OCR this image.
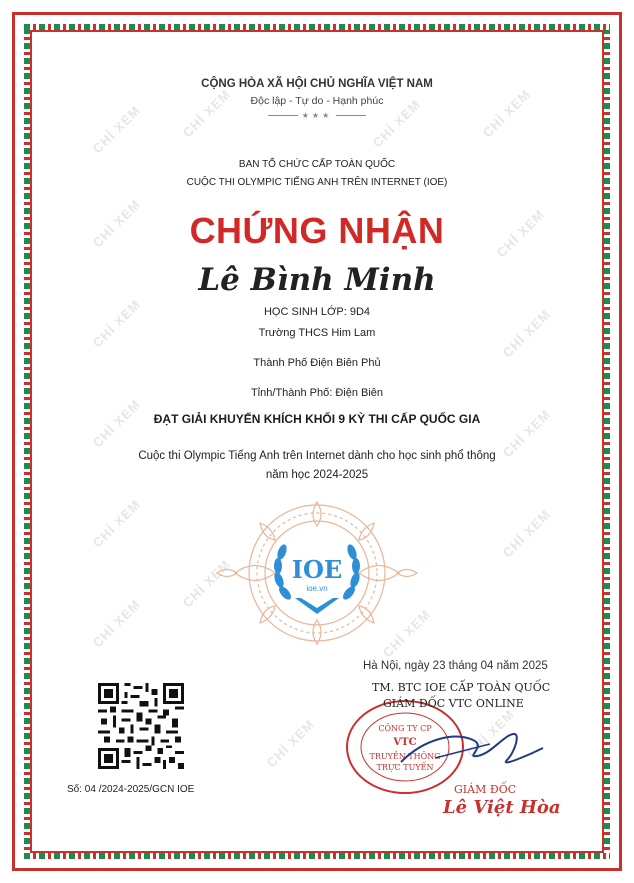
CHỈ XEM	CHỈ XEM	CHỈ XEM	CHỈ XEM
CHỈ XEM	CHỈ XEM
CHỈ XEM	CHỈ XEM
CHỈ XEM	CHỈ XEM
CHỈ XEM	CHỈ XEM
CHỈ XEM	CHỈ XEM
CHỈ XEM
CHỈ XEM	CHỈ XEM
CỘNG HÒA XÃ HỘI CHỦ NGHĨA VIỆT NAM
Độc lập - Tự do - Hạnh phúc
★★★
BAN TỔ CHỨC CẤP TOÀN QUỐC
CUỘC THI OLYMPIC TIẾNG ANH TRÊN INTERNET (IOE)
CHỨNG NHẬN
Lê Bình Minh
HỌC SINH LỚP: 9D4
Trường THCS Him Lam
Thành Phố Điện Biên Phủ
Tỉnh/Thành Phố: Điện Biên
ĐẠT GIẢI KHUYẾN KHÍCH KHỐI 9 KỲ THI CẤP QUỐC GIA
Cuộc thi Olympic Tiếng Anh trên Internet dành cho học sinh phổ thông
năm học 2024-2025
IOE
ioe.vn
Hà Nội, ngày 23 tháng 04 năm 2025
CÔNG TY CP
VTC
TRUYỀN THÔNG
TRỰC TUYẾN
TM. BTC IOE CẤP TOÀN QUỐC
GIÁM ĐỐC VTC ONLINE
GIÁM ĐỐC
Lê Việt Hòa
Số: 04 /2024-2025/GCN IOE
